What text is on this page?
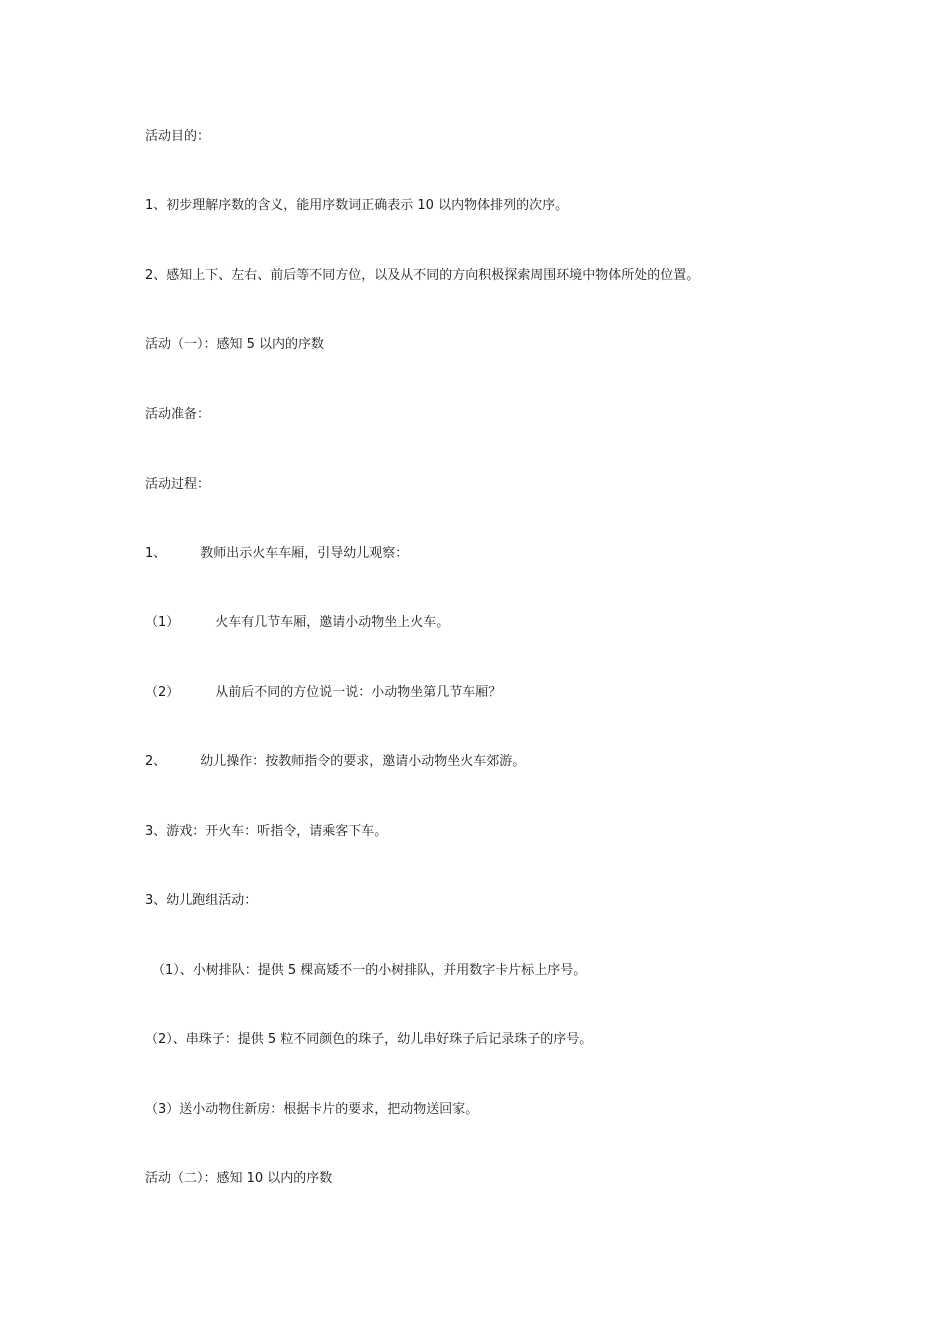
活动目的：
1、初步理解序数的含义，能用序数词正确表示 10 以内物体排列的次序。
2、感知上下、左右、前后等不同方位，以及从不同的方向积极探索周围环境中物体所处的位置。
活动（一）：感知 5 以内的序数
活动准备：
活动过程：
1、	教师出示火车车厢，引导幼儿观察：
（1）	火车有几节车厢，邀请小动物坐上火车。
（2）	从前后不同的方位说一说：小动物坐第几节车厢？
2、	幼儿操作：按教师指令的要求，邀请小动物坐火车郊游。
3、游戏：开火车：听指令，请乘客下车。
3、幼儿跑组活动：
（1）、小树排队：提供 5 棵高矮不一的小树排队，并用数字卡片标上序号。
（2）、串珠子：提供 5 粒不同颜色的珠子，幼儿串好珠子后记录珠子的序号。
（3）送小动物住新房：根据卡片的要求，把动物送回家。
活动（二）：感知 10 以内的序数
